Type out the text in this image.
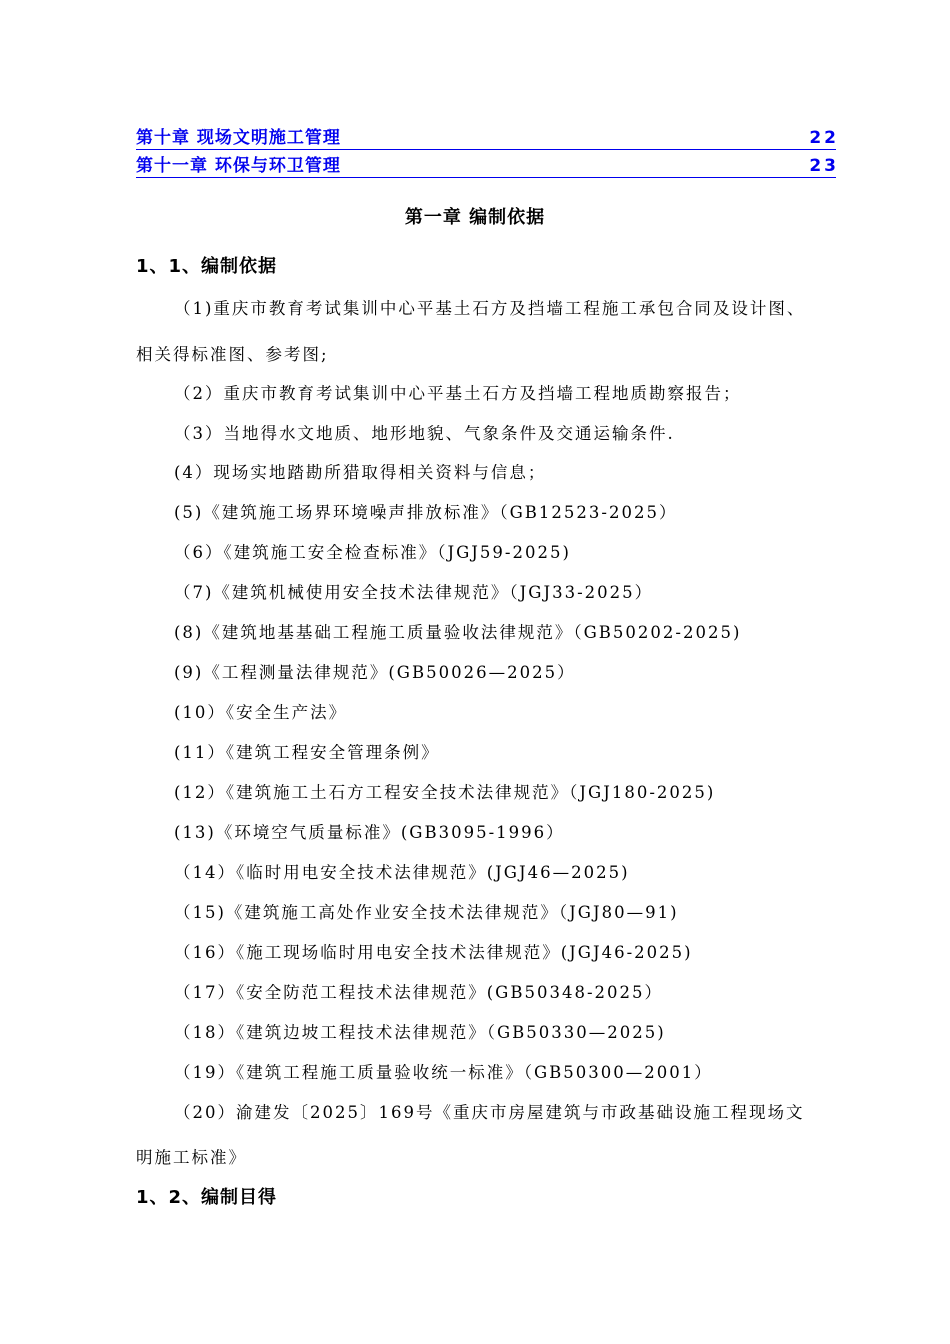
第十章 现场文明施工管理	22
第十一章 环保与环卫管理	23
第一章 编制依据
1、1、编制依据
（1)重庆市教育考试集训中心平基土石方及挡墙工程施工承包合同及设计图、
相关得标准图、参考图;
（2）重庆市教育考试集训中心平基土石方及挡墙工程地质勘察报告；
（3）当地得水文地质、地形地貌、气象条件及交通运输条件.
(4）现场实地踏勘所猎取得相关资料与信息；
(5)《建筑施工场界环境噪声排放标准》（GB12523-2025）
（6）《建筑施工安全检查标准》（JGJ59-2025)
（7)《建筑机械使用安全技术法律规范》（JGJ33-2025）
(8)《建筑地基基础工程施工质量验收法律规范》（GB50202-2025)
(9)《工程测量法律规范》(GB50026—2025）
(10）《安全生产法》
(11）《建筑工程安全管理条例》
(12）《建筑施工土石方工程安全技术法律规范》（JGJ180-2025)
(13)《环境空气质量标准》(GB3095-1996）
（14）《临时用电安全技术法律规范》(JGJ46—2025)
（15)《建筑施工高处作业安全技术法律规范》（JGJ80—91)
（16）《施工现场临时用电安全技术法律规范》(JGJ46-2025)
（17）《安全防范工程技术法律规范》(GB50348-2025）
（18）《建筑边坡工程技术法律规范》（GB50330—2025)
（19）《建筑工程施工质量验收统一标准》（GB50300—2001）
（20）渝建发〔2025〕169号《重庆市房屋建筑与市政基础设施工程现场文
明施工标准》
1、2、编制目得
